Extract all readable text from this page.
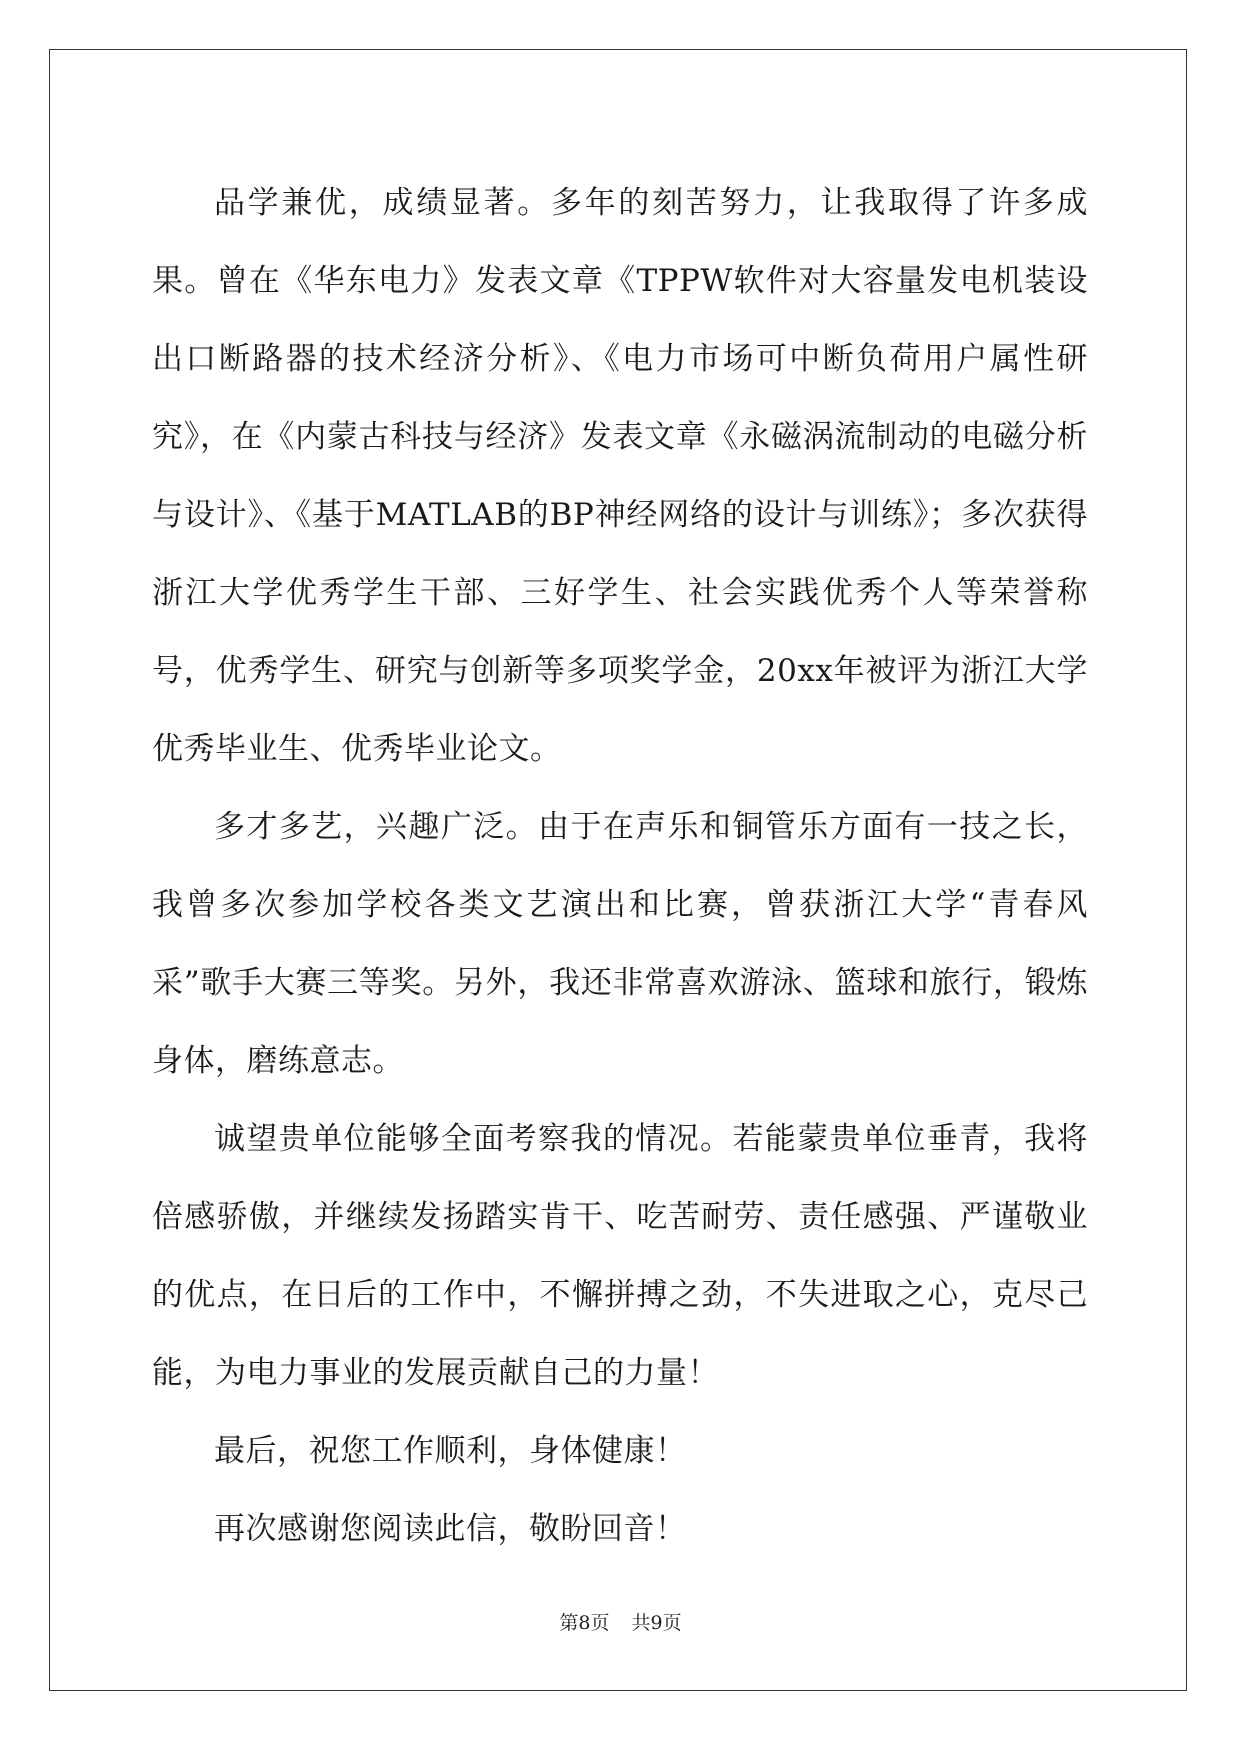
品学兼优，成绩显著。多年的刻苦努力，让我取得了许多成果。曾在《华东电力》发表文章《TPPW软件对大容量发电机装设出口断路器的技术经济分析》、《电力市场可中断负荷用户属性研究》，在《内蒙古科技与经济》发表文章《永磁涡流制动的电磁分析与设计》、《基于MATLAB的BP神经网络的设计与训练》；多次获得浙江大学优秀学生干部、三好学生、社会实践优秀个人等荣誉称号，优秀学生、研究与创新等多项奖学金，20xx年被评为浙江大学优秀毕业生、优秀毕业论文。

多才多艺，兴趣广泛。由于在声乐和铜管乐方面有一技之长，我曾多次参加学校各类文艺演出和比赛，曾获浙江大学“青春风采”歌手大赛三等奖。另外，我还非常喜欢游泳、篮球和旅行，锻炼身体，磨练意志。

诚望贵单位能够全面考察我的情况。若能蒙贵单位垂青，我将倍感骄傲，并继续发扬踏实肯干、吃苦耐劳、责任感强、严谨敬业的优点，在日后的工作中，不懈拼搏之劲，不失进取之心，克尽己能，为电力事业的发展贡献自己的力量！

最后，祝您工作顺利，身体健康！

再次感谢您阅读此信，敬盼回音！

第8页 共9页
